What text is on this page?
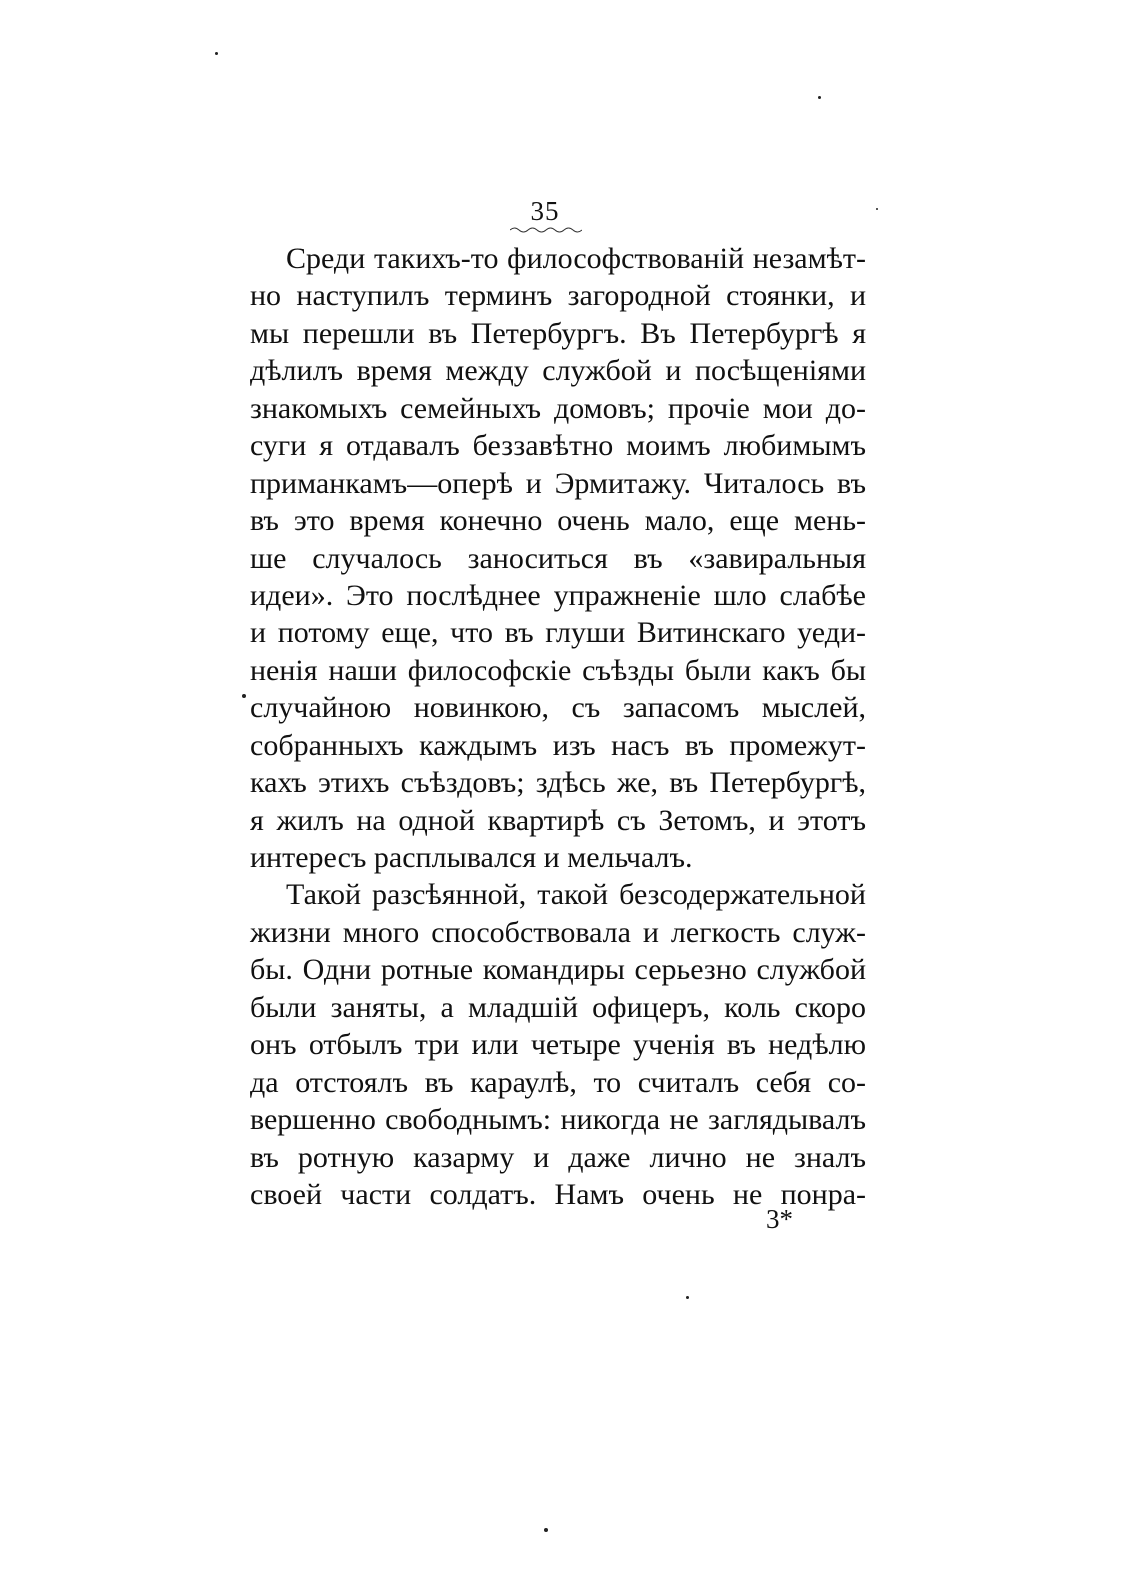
35
Среди такихъ-то философствованій незамѣт-
но наступилъ терминъ загородной стоянки, и
мы перешли въ Петербургъ. Въ Петербургѣ я
дѣлилъ время между службой и посѣщеніями
знакомыхъ семейныхъ домовъ; прочіе мои до-
суги я отдавалъ беззавѣтно моимъ любимымъ
приманкамъ—оперѣ и Эрмитажу. Читалось въ
въ это время конечно очень мало, еще мень-
ше случалось заноситься въ «завиральныя
идеи». Это послѣднее упражненіе шло слабѣе
и потому еще, что въ глуши Витинскаго уеди-
ненія наши философскіе съѣзды были какъ бы
случайною новинкою, съ запасомъ мыслей,
собранныхъ каждымъ изъ насъ въ промежут-
кахъ этихъ съѣздовъ; здѣсь же, въ Петербургѣ,
я жилъ на одной квартирѣ съ Зетомъ, и этотъ
интересъ расплывался и мельчалъ.
Такой разсѣянной, такой безсодержательной
жизни много способствовала и легкость служ-
бы. Одни ротные командиры серьезно службой
были заняты, а младшій офицеръ, коль скоро
онъ отбылъ три или четыре ученія въ недѣлю
да отстоялъ въ караулѣ, то считалъ себя со-
вершенно свободнымъ: никогда не заглядывалъ
въ ротную казарму и даже лично не зналъ
своей части солдатъ. Намъ очень не понра-
3*
